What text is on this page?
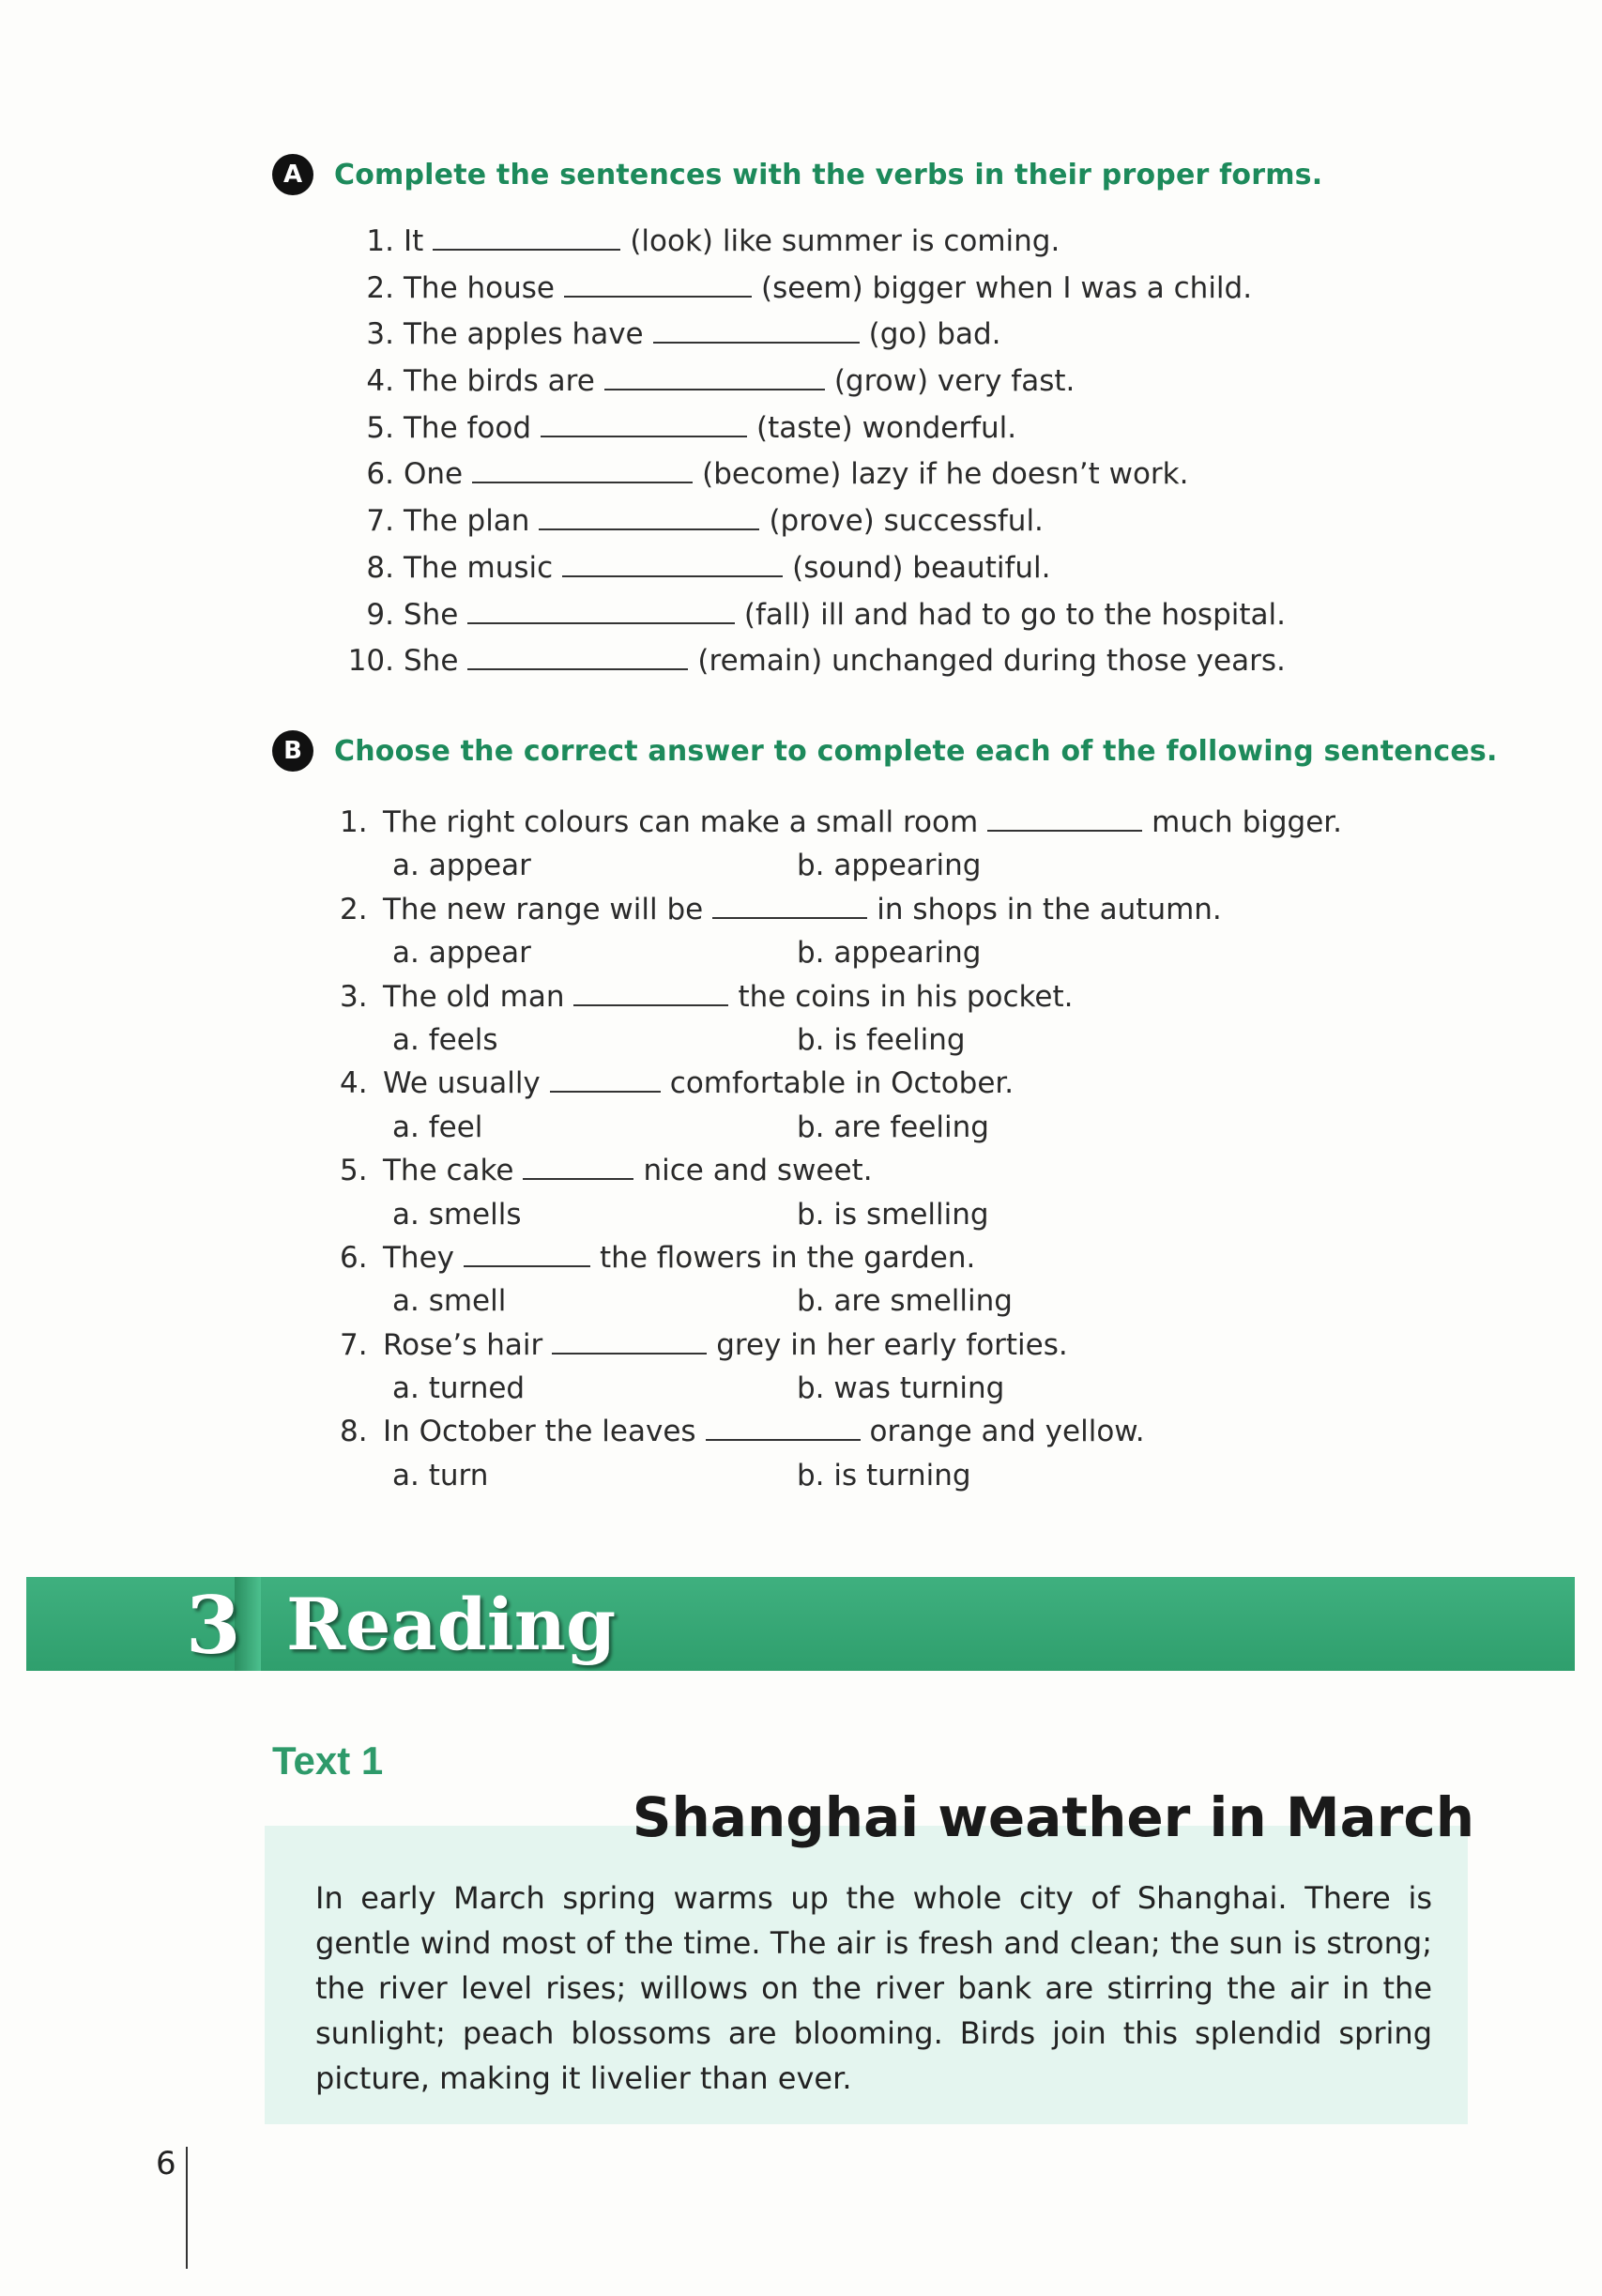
A	Complete the sentences with the verbs in their proper forms.
1. It	(look) like summer is coming.
2. The house	(seem) bigger when I was a child.
3. The apples have	(go) bad.
4. The birds are	(grow) very fast.
5. The food	(taste) wonderful.
6. One	(become) lazy if he doesn’t work.
7. The plan	(prove) successful.
8. The music	(sound) beautiful.
9. She	(fall) ill and had to go to the hospital.
10. She	(remain) unchanged during those years.
B	Choose the correct answer to complete each of the following sentences.
1. The right colours can make a small room	much bigger.
a. appear	b. appearing
2. The new range will be	in shops in the autumn.
a. appear	b. appearing
3. The old man	the coins in his pocket.
a. feels	b. is feeling
4. We usually	comfortable in October.
a. feel	b. are feeling
5. The cake	nice and sweet.
a. smells	b. is smelling
6. They	the flowers in the garden.
a. smell	b. are smelling
7. Rose’s hair	grey in her early forties.
a. turned	b. was turning
8. In October the leaves	orange and yellow.
a. turn	b. is turning
3 Reading
Text 1
Shanghai weather in March
In early March spring warms up the whole city of Shanghai. There is gentle wind most of the time. The air is fresh and clean; the sun is strong; the river level rises; willows on the river bank are stirring the air in the sunlight; peach blossoms are blooming. Birds join this splendid spring picture, making it livelier than ever.
6
